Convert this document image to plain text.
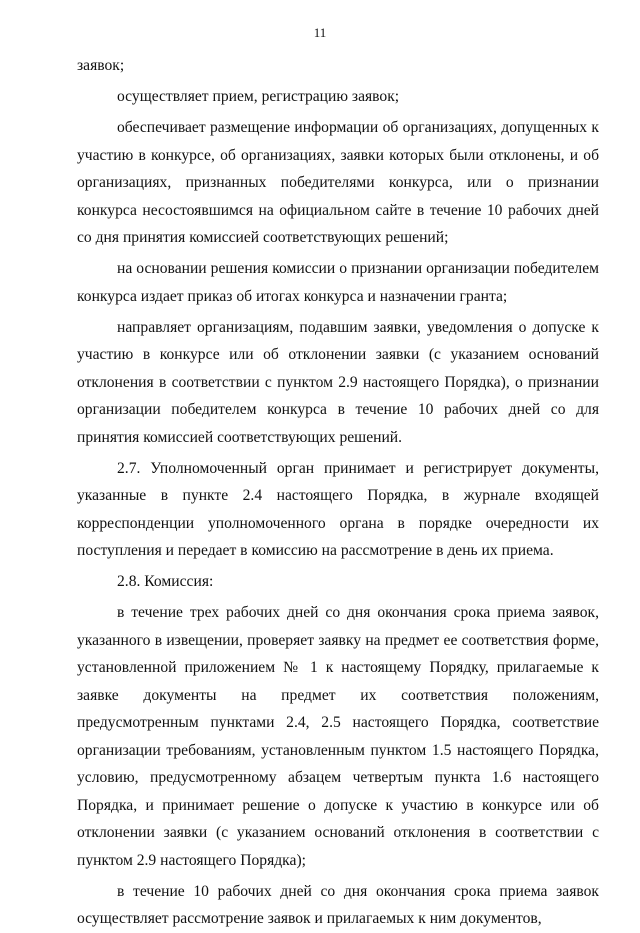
11

заявок;

осуществляет прием, регистрацию заявок;

обеспечивает размещение информации об организациях, допущенных к участию в конкурсе, об организациях, заявки которых были отклонены, и об организациях, признанных победителями конкурса, или о признании конкурса несостоявшимся на официальном сайте в течение 10 рабочих дней со дня принятия комиссией соответствующих решений;

на основании решения комиссии о признании организации победителем конкурса издает приказ об итогах конкурса и назначении гранта;

направляет организациям, подавшим заявки, уведомления о допуске к участию в конкурсе или об отклонении заявки (с указанием оснований отклонения в соответствии с пунктом 2.9 настоящего Порядка), о признании организации победителем конкурса в течение 10 рабочих дней со для принятия комиссией соответствующих решений.

2.7. Уполномоченный орган принимает и регистрирует документы, указанные в пункте 2.4 настоящего Порядка, в журнале входящей корреспонденции уполномоченного органа в порядке очередности их поступления и передает в комиссию на рассмотрение в день их приема.

2.8. Комиссия:

в течение трех рабочих дней со дня окончания срока приема заявок, указанного в извещении, проверяет заявку на предмет ее соответствия форме, установленной приложением № 1 к настоящему Порядку, прилагаемые к заявке документы на предмет их соответствия положениям, предусмотренным пунктами 2.4, 2.5 настоящего Порядка, соответствие организации требованиям, установленным пунктом 1.5 настоящего Порядка, условию, предусмотренному абзацем четвертым пункта 1.6 настоящего Порядка, и принимает решение о допуске к участию в конкурсе или об отклонении заявки (с указанием оснований отклонения в соответствии с пунктом 2.9 настоящего Порядка);

в течение 10 рабочих дней со дня окончания срока приема заявок осуществляет рассмотрение заявок и прилагаемых к ним документов,
